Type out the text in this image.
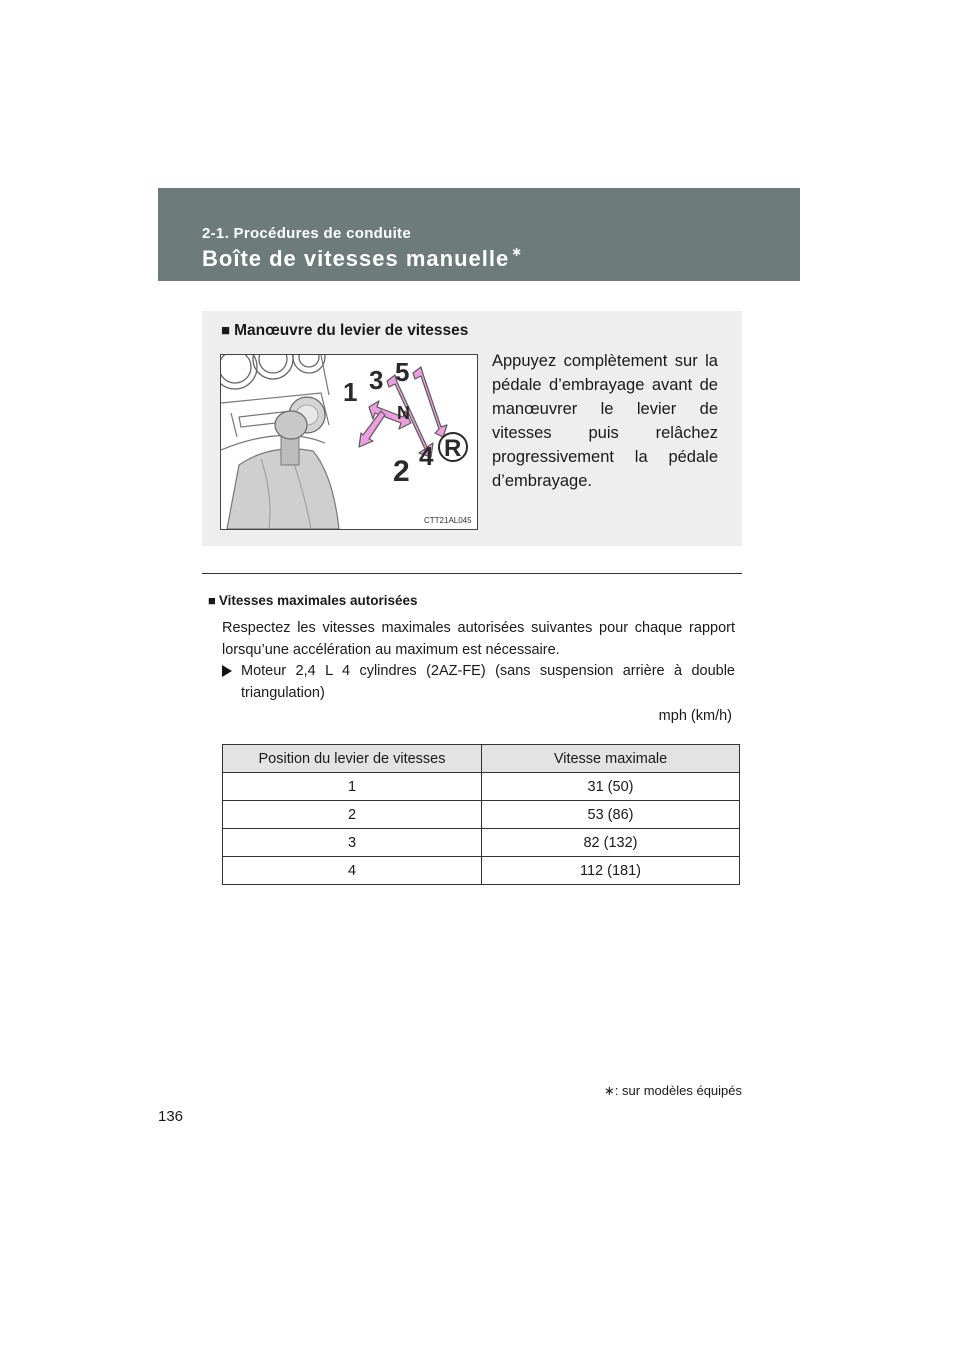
2-1. Procédures de conduite
Boîte de vitesses manuelle ∗
■ Manœuvre du levier de vitesses
1 3 5
N
2 4 R
CTT21AL045
Appuyez complètement sur la pédale d’embrayage avant de manœuvrer le levier de vitesses puis relâchez progressivement la pédale d’embrayage.
■ Vitesses maximales autorisées
Respectez les vitesses maximales autorisées suivantes pour chaque rapport lorsqu’une accélération au maximum est nécessaire.
Moteur 2,4 L 4 cylindres (2AZ-FE) (sans suspension arrière à double triangulation)
mph (km/h)
Position du levier de vitesses	Vitesse maximale
1	31 (50)
2	53 (86)
3	82 (132)
4	112 (181)
∗: sur modèles équipés
136
